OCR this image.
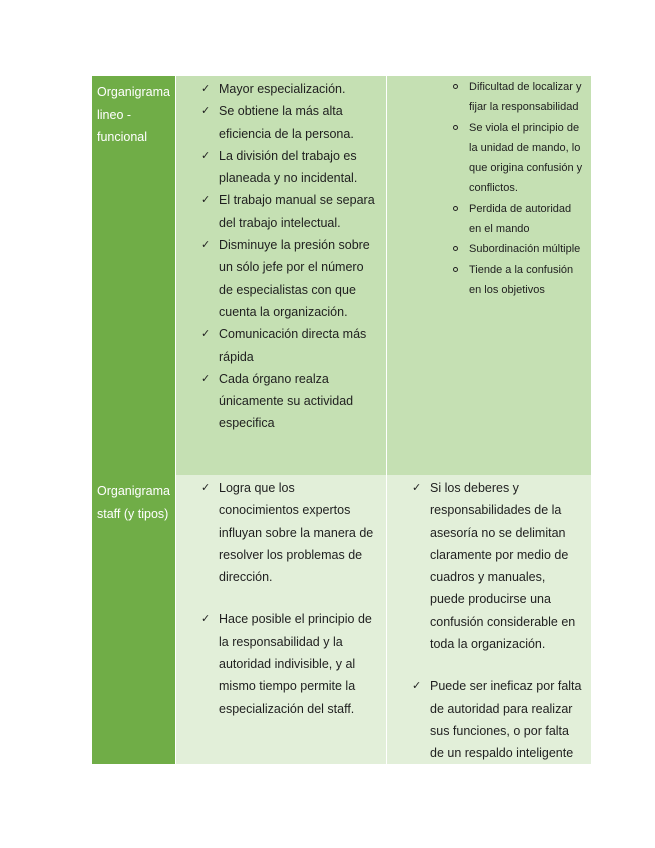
Organigrama lineo - funcional
✓ Mayor especialización.
✓ Se obtiene la más alta eficiencia de la persona.
✓ La división del trabajo es planeada y no incidental.
✓ El trabajo manual se separa del trabajo intelectual.
✓ Disminuye la presión sobre un sólo jefe por el número de especialistas con que cuenta la organización.
✓ Comunicación directa más rápida
✓ Cada órgano realza únicamente su actividad especifica
Dificultad de localizar y fijar la responsabilidad
Se viola el principio de la unidad de mando, lo que origina confusión y conflictos.
Perdida de autoridad en el mando
Subordinación múltiple
Tiende a la confusión en los objetivos
Organigrama staff (y tipos)
✓ Logra que los conocimientos expertos influyan sobre la manera de resolver los problemas de dirección.
✓ Hace posible el principio de la responsabilidad y la autoridad indivisible, y al mismo tiempo permite la especialización del staff.
✓ Si los deberes y responsabilidades de la asesoría no se delimitan claramente por medio de cuadros y manuales, puede producirse una confusión considerable en toda la organización.
✓ Puede ser ineficaz por falta de autoridad para realizar sus funciones, o por falta de un respaldo inteligente
